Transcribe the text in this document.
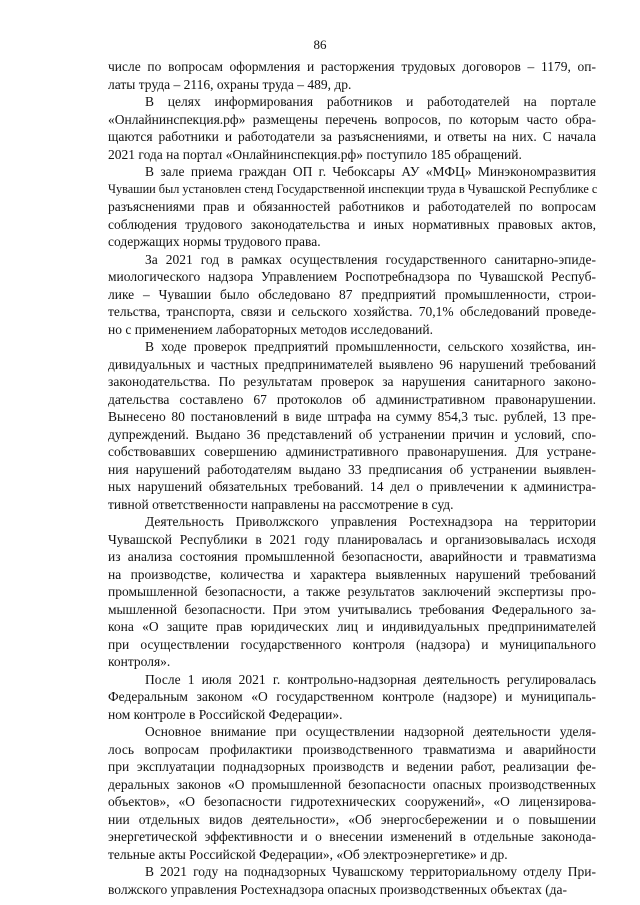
86
числе по вопросам оформления и расторжения трудовых договоров – 1179, оп-
латы труда – 2116, охраны труда – 489, др.
В целях информирования работников и работодателей на портале
«Онлайнинспекция.рф» размещены перечень вопросов, по которым часто обра-
щаются работники и работодатели за разъяснениями, и ответы на них. С начала
2021 года на портал «Онлайнинспекция.рф» поступило 185 обращений.
В зале приема граждан ОП г. Чебоксары АУ «МФЦ» Минэкономразвития
Чувашии был установлен стенд Государственной инспекции труда в Чувашской Республике с
разъяснениями прав и обязанностей работников и работодателей по вопросам
соблюдения трудового законодательства и иных нормативных правовых актов,
содержащих нормы трудового права.
За 2021 год в рамках осуществления государственного санитарно-эпиде-
миологического надзора Управлением Роспотребнадзора по Чувашской Респуб-
лике – Чувашии было обследовано 87 предприятий промышленности, строи-
тельства, транспорта, связи и сельского хозяйства. 70,1% обследований проведе-
но с применением лабораторных методов исследований.
В ходе проверок предприятий промышленности, сельского хозяйства, ин-
дивидуальных и частных предпринимателей выявлено 96 нарушений требований
законодательства. По результатам проверок за нарушения санитарного законо-
дательства составлено 67 протоколов об административном правонарушении.
Вынесено 80 постановлений в виде штрафа на сумму 854,3 тыс. рублей, 13 пре-
дупреждений. Выдано 36 представлений об устранении причин и условий, спо-
собствовавших совершению административного правонарушения. Для устране-
ния нарушений работодателям выдано 33 предписания об устранении выявлен-
ных нарушений обязательных требований. 14 дел о привлечении к администра-
тивной ответственности направлены на рассмотрение в суд.
Деятельность Приволжского управления Ростехнадзора на территории
Чувашской Республики в 2021 году планировалась и организовывалась исходя
из анализа состояния промышленной безопасности, аварийности и травматизма
на производстве, количества и характера выявленных нарушений требований
промышленной безопасности, а также результатов заключений экспертизы про-
мышленной безопасности. При этом учитывались требования Федерального за-
кона «О защите прав юридических лиц и индивидуальных предпринимателей
при осуществлении государственного контроля (надзора) и муниципального
контроля».
После 1 июля 2021 г. контрольно-надзорная деятельность регулировалась
Федеральным законом «О государственном контроле (надзоре) и муниципаль-
ном контроле в Российской Федерации».
Основное внимание при осуществлении надзорной деятельности уделя-
лось вопросам профилактики производственного травматизма и аварийности
при эксплуатации поднадзорных производств и ведении работ, реализации фе-
деральных законов «О промышленной безопасности опасных производственных
объектов», «О безопасности гидротехнических сооружений», «О лицензирова-
нии отдельных видов деятельности», «Об энергосбережении и о повышении
энергетической эффективности и о внесении изменений в отдельные законода-
тельные акты Российской Федерации», «Об электроэнергетике» и др.
В 2021 году на поднадзорных Чувашскому территориальному отделу При-
волжского управления Ростехнадзора опасных производственных объектах (да-
